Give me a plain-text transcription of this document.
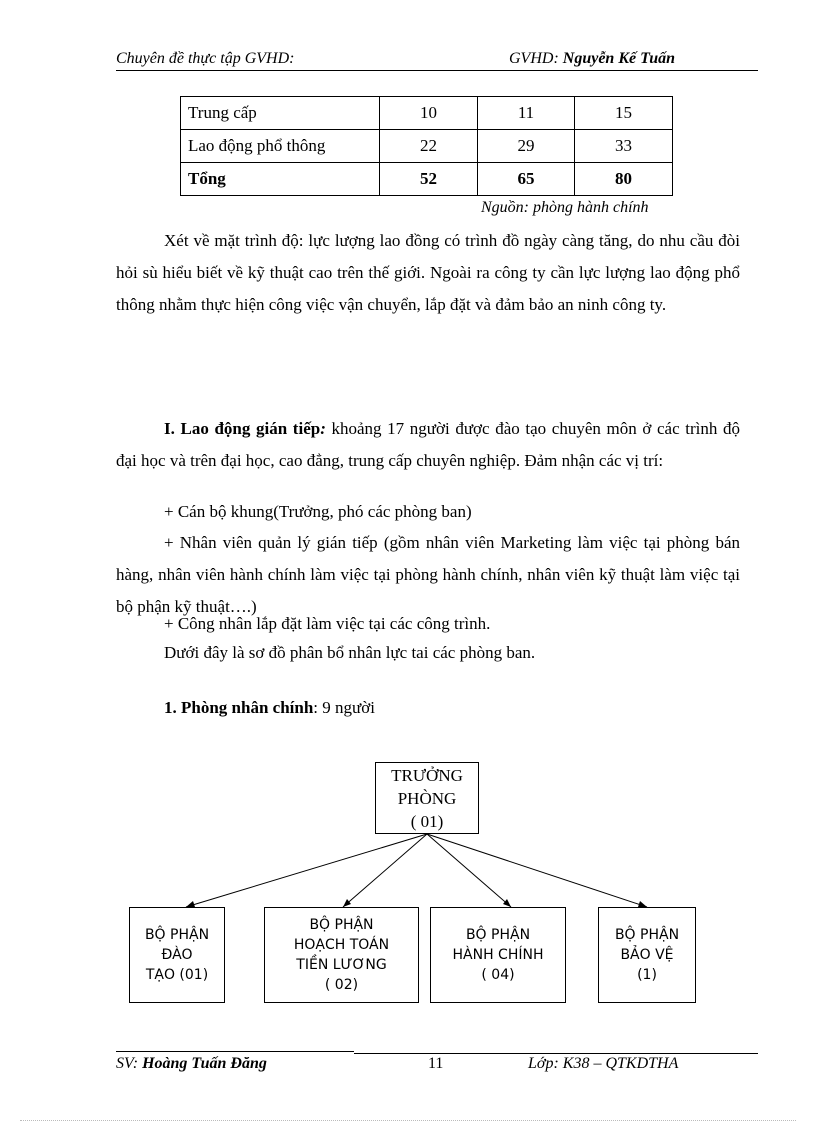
Chuyên đề thực tập GVHD:	GVHD: Nguyễn Kế Tuấn
Trung cấp	10	11	15
Lao động phổ thông	22	29	33
Tổng	52	65	80
Nguồn: phòng hành chính
Xét về mặt trình độ: lực lượng lao đồng có trình đồ ngày càng tăng, do nhu cầu đòi hỏi sù hiểu biết về kỹ thuật cao trên thế giới. Ngoài ra công ty cần lực lượng lao động phổ thông nhằm thực hiện công việc vận chuyển, lắp đặt và đảm bảo an ninh công ty.
I. Lao động gián tiếp: khoảng 17 người được đào tạo chuyên môn ở các trình độ đại học và trên đại học, cao đẳng, trung cấp chuyên nghiệp. Đảm nhận các vị trí:
+ Cán bộ khung(Trưởng, phó các phòng ban)
+ Nhân viên quản lý gián tiếp (gồm nhân viên Marketing làm việc tại phòng bán hàng, nhân viên hành chính làm việc tại phòng hành chính, nhân viên kỹ thuật làm việc tại bộ phận kỹ thuật….)
+ Công nhân lắp đặt làm việc tại các công trình.
Dưới đây là sơ đồ phân bổ nhân lực tai các phòng ban.
1. Phòng nhân chính: 9 người
TRƯỞNG
PHÒNG
( 01)
BỘ PHẬN
ĐÀO
TẠO (01)
BỘ PHẬN
HOẠCH TOÁN
TIỀN LƯƠNG
( 02)
BỘ PHẬN
HÀNH CHÍNH
( 04)
BỘ PHẬN
BẢO VỆ
(1)
SV: Hoàng Tuấn Đăng	11	Lớp: K38 – QTKDTHA
